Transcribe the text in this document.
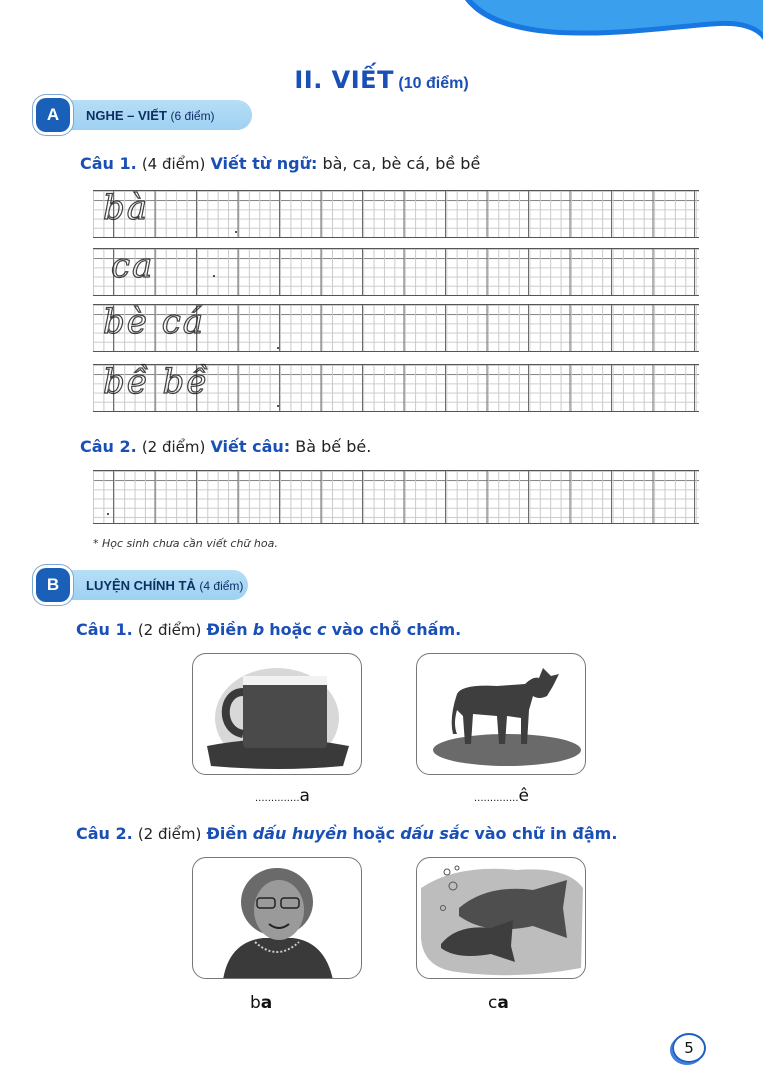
II. VIẾT (10 điểm)
A	NGHE – VIẾT (6 điểm)
Câu 1. (4 điểm) Viết từ ngữ: bà, ca, bè cá, bề bề
bà
ca
bè cá
bề bề
Câu 2. (2 điểm) Viết câu: Bà bế bé.
* Học sinh chưa cần viết chữ hoa.
B	LUYỆN CHÍNH TẢ (4 điểm)
Câu 1. (2 điểm) Điền b hoặc c vào chỗ chấm.
..............a	..............ê
Câu 2. (2 điểm) Điền dấu huyền hoặc dấu sắc vào chữ in đậm.
ba	ca
5
